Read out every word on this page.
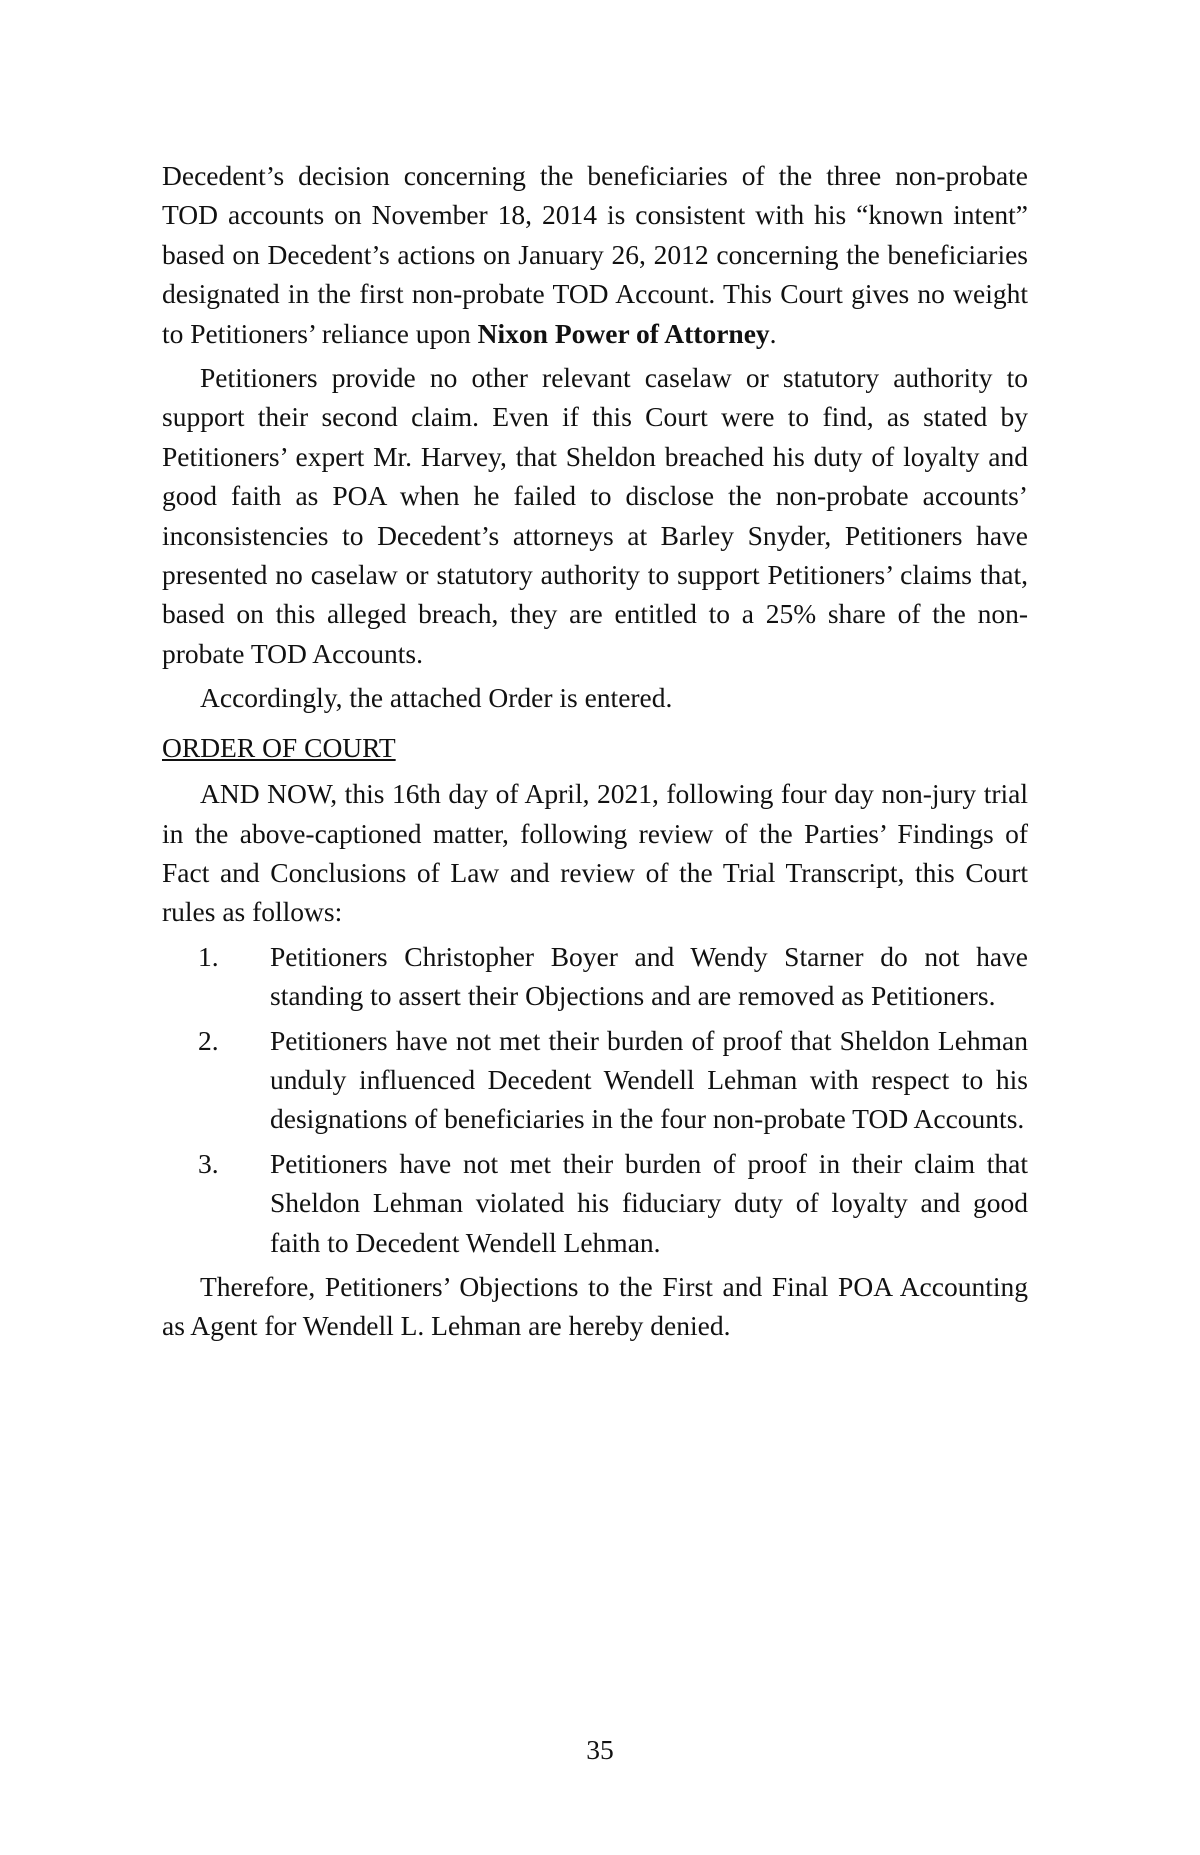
Decedent’s decision concerning the beneficiaries of the three non-probate TOD accounts on November 18, 2014 is consistent with his “known intent” based on Decedent’s actions on January 26, 2012 concerning the beneficiaries designated in the first non-probate TOD Account. This Court gives no weight to Petitioners’ reliance upon Nixon Power of Attorney.

Petitioners provide no other relevant caselaw or statutory authority to support their second claim. Even if this Court were to find, as stated by Petitioners’ expert Mr. Harvey, that Sheldon breached his duty of loyalty and good faith as POA when he failed to disclose the non-probate accounts’ inconsistencies to Decedent’s attorneys at Barley Snyder, Petitioners have presented no caselaw or statutory authority to support Petitioners’ claims that, based on this alleged breach, they are entitled to a 25% share of the non-probate TOD Accounts.

Accordingly, the attached Order is entered.

ORDER OF COURT

AND NOW, this 16th day of April, 2021, following four day non-jury trial in the above-captioned matter, following review of the Parties’ Findings of Fact and Conclusions of Law and review of the Trial Transcript, this Court rules as follows:

1. Petitioners Christopher Boyer and Wendy Starner do not have standing to assert their Objections and are removed as Petitioners.
2. Petitioners have not met their burden of proof that Sheldon Lehman unduly influenced Decedent Wendell Lehman with respect to his designations of beneficiaries in the four non-probate TOD Accounts.
3. Petitioners have not met their burden of proof in their claim that Sheldon Lehman violated his fiduciary duty of loyalty and good faith to Decedent Wendell Lehman.

Therefore, Petitioners’ Objections to the First and Final POA Accounting as Agent for Wendell L. Lehman are hereby denied.

35
